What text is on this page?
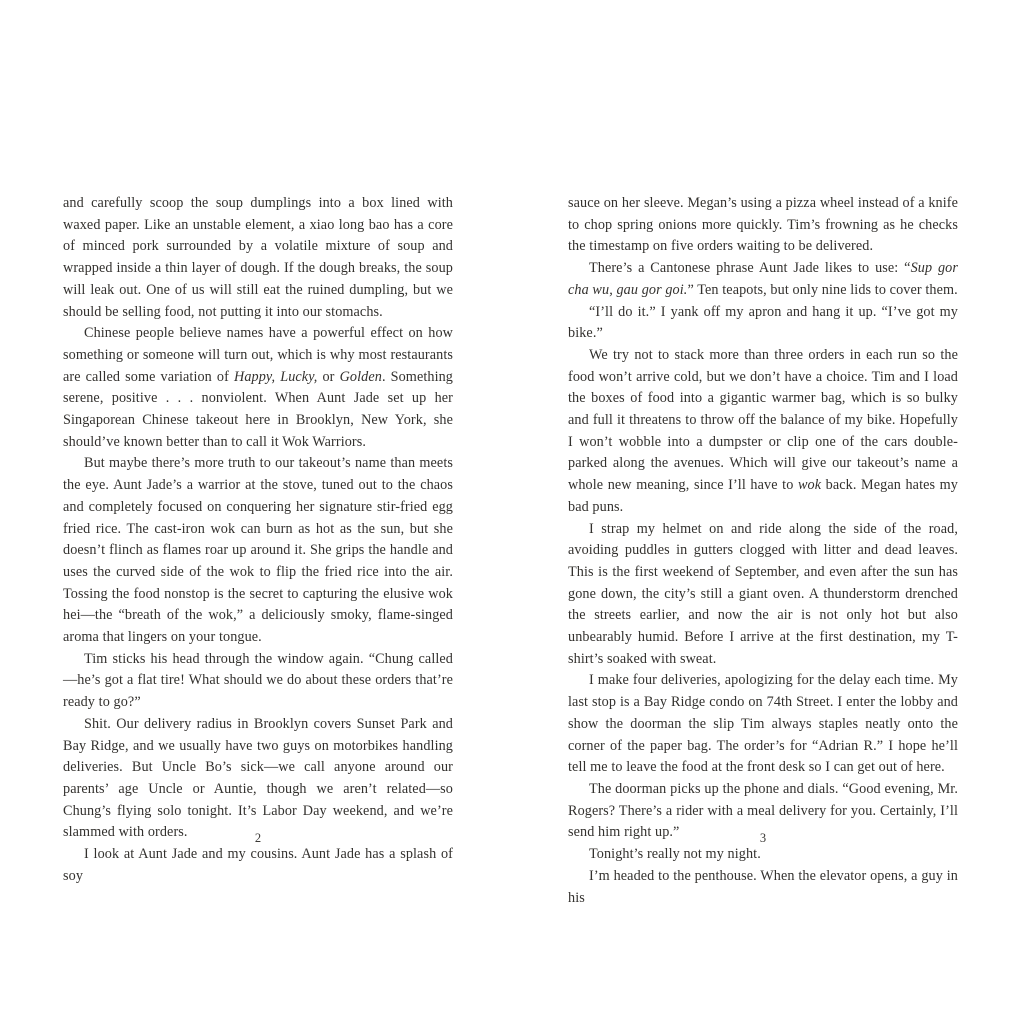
and carefully scoop the soup dumplings into a box lined with waxed paper. Like an unstable element, a xiao long bao has a core of minced pork surrounded by a volatile mixture of soup and wrapped inside a thin layer of dough. If the dough breaks, the soup will leak out. One of us will still eat the ruined dumpling, but we should be selling food, not putting it into our stomachs.

Chinese people believe names have a powerful effect on how something or someone will turn out, which is why most restaurants are called some variation of Happy, Lucky, or Golden. Something serene, positive . . . nonviolent. When Aunt Jade set up her Singaporean Chinese takeout here in Brooklyn, New York, she should’ve known better than to call it Wok Warriors.

But maybe there’s more truth to our takeout’s name than meets the eye. Aunt Jade’s a warrior at the stove, tuned out to the chaos and completely focused on conquering her signature stir-fried egg fried rice. The cast-iron wok can burn as hot as the sun, but she doesn’t flinch as flames roar up around it. She grips the handle and uses the curved side of the wok to flip the fried rice into the air. Tossing the food nonstop is the secret to capturing the elusive wok hei—the “breath of the wok,” a deliciously smoky, flame-singed aroma that lingers on your tongue.

Tim sticks his head through the window again. “Chung called—he’s got a flat tire! What should we do about these orders that’re ready to go?”

Shit. Our delivery radius in Brooklyn covers Sunset Park and Bay Ridge, and we usually have two guys on motorbikes handling deliveries. But Uncle Bo’s sick—we call anyone around our parents’ age Uncle or Auntie, though we aren’t related—so Chung’s flying solo tonight. It’s Labor Day weekend, and we’re slammed with orders.

I look at Aunt Jade and my cousins. Aunt Jade has a splash of soy

2

sauce on her sleeve. Megan’s using a pizza wheel instead of a knife to chop spring onions more quickly. Tim’s frowning as he checks the timestamp on five orders waiting to be delivered.

There’s a Cantonese phrase Aunt Jade likes to use: “Sup gor cha wu, gau gor goi.” Ten teapots, but only nine lids to cover them.

“I’ll do it.” I yank off my apron and hang it up. “I’ve got my bike.”

We try not to stack more than three orders in each run so the food won’t arrive cold, but we don’t have a choice. Tim and I load the boxes of food into a gigantic warmer bag, which is so bulky and full it threatens to throw off the balance of my bike. Hopefully I won’t wobble into a dumpster or clip one of the cars double-parked along the avenues. Which will give our takeout’s name a whole new meaning, since I’ll have to wok back. Megan hates my bad puns.

I strap my helmet on and ride along the side of the road, avoiding puddles in gutters clogged with litter and dead leaves. This is the first weekend of September, and even after the sun has gone down, the city’s still a giant oven. A thunderstorm drenched the streets earlier, and now the air is not only hot but also unbearably humid. Before I arrive at the first destination, my T-shirt’s soaked with sweat.

I make four deliveries, apologizing for the delay each time. My last stop is a Bay Ridge condo on 74th Street. I enter the lobby and show the doorman the slip Tim always staples neatly onto the corner of the paper bag. The order’s for “Adrian R.” I hope he’ll tell me to leave the food at the front desk so I can get out of here.

The doorman picks up the phone and dials. “Good evening, Mr. Rogers? There’s a rider with a meal delivery for you. Certainly, I’ll send him right up.”

Tonight’s really not my night.

I’m headed to the penthouse. When the elevator opens, a guy in his

3
